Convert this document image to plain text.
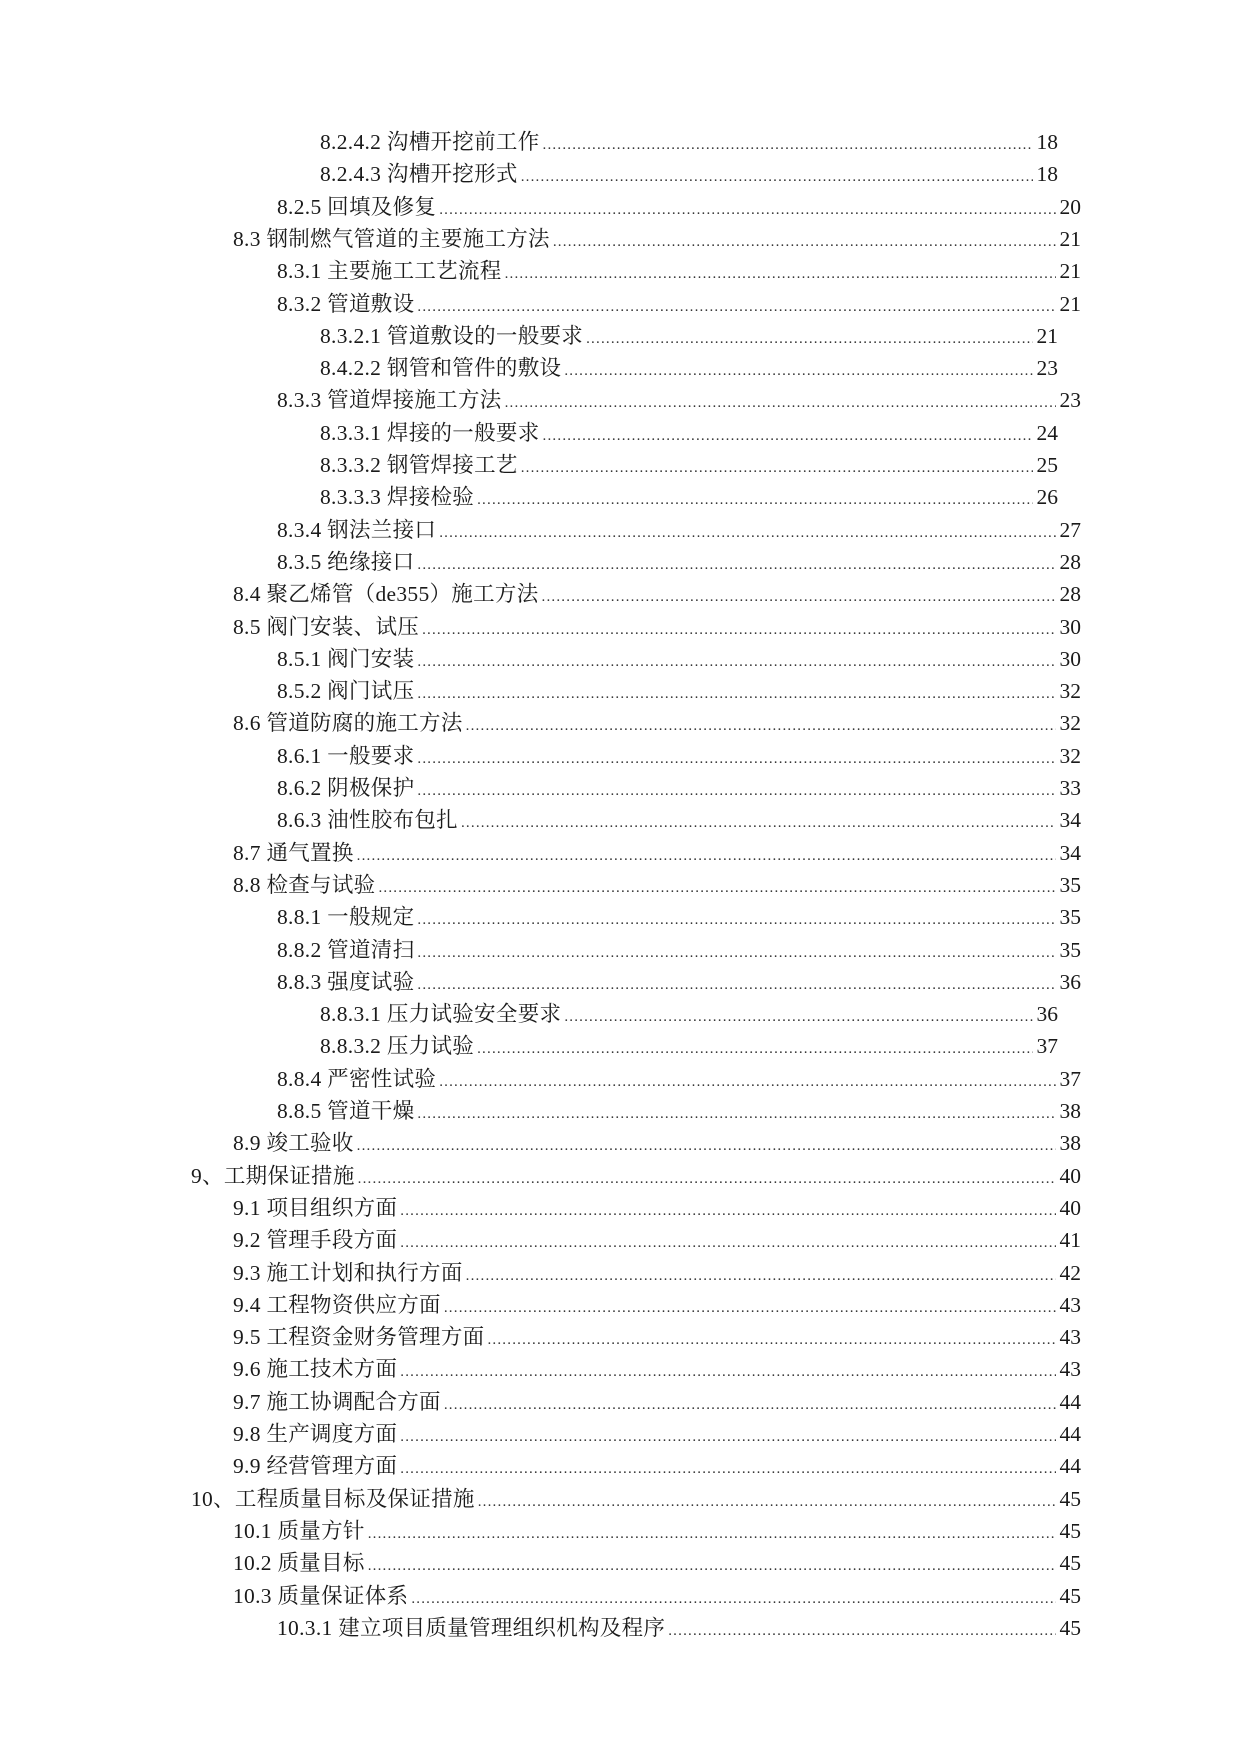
8.2.4.2 沟槽开挖前工作 .....	18
8.2.4.3 沟槽开挖形式 .....	18
8.2.5 回填及修复 .....	20
8.3 钢制燃气管道的主要施工方法 .....	21
8.3.1 主要施工工艺流程 .....	21
8.3.2 管道敷设 .....	21
8.3.2.1 管道敷设的一般要求 .....	21
8.4.2.2 钢管和管件的敷设 .....	23
8.3.3 管道焊接施工方法 .....	23
8.3.3.1 焊接的一般要求 .....	24
8.3.3.2 钢管焊接工艺 .....	25
8.3.3.3 焊接检验 .....	26
8.3.4 钢法兰接口 .....	27
8.3.5 绝缘接口 .....	28
8.4 聚乙烯管（de355）施工方法 .....	28
8.5 阀门安装、试压 .....	30
8.5.1 阀门安装 .....	30
8.5.2 阀门试压 .....	32
8.6 管道防腐的施工方法 .....	32
8.6.1 一般要求 .....	32
8.6.2 阴极保护 .....	33
8.6.3 油性胶布包扎 .....	34
8.7 通气置换 .....	34
8.8 检查与试验 .....	35
8.8.1 一般规定 .....	35
8.8.2 管道清扫 .....	35
8.8.3 强度试验 .....	36
8.8.3.1 压力试验安全要求 .....	36
8.8.3.2 压力试验 .....	37
8.8.4 严密性试验 .....	37
8.8.5 管道干燥 .....	38
8.9 竣工验收 .....	38
9、工期保证措施 .....	40
9.1 项目组织方面 .....	40
9.2 管理手段方面 .....	41
9.3 施工计划和执行方面 .....	42
9.4 工程物资供应方面 .....	43
9.5 工程资金财务管理方面 .....	43
9.6 施工技术方面 .....	43
9.7 施工协调配合方面 .....	44
9.8 生产调度方面 .....	44
9.9 经营管理方面 .....	44
10、工程质量目标及保证措施 .....	45
10.1 质量方针 .....	45
10.2 质量目标 .....	45
10.3 质量保证体系 .....	45
10.3.1 建立项目质量管理组织机构及程序 .....	45
